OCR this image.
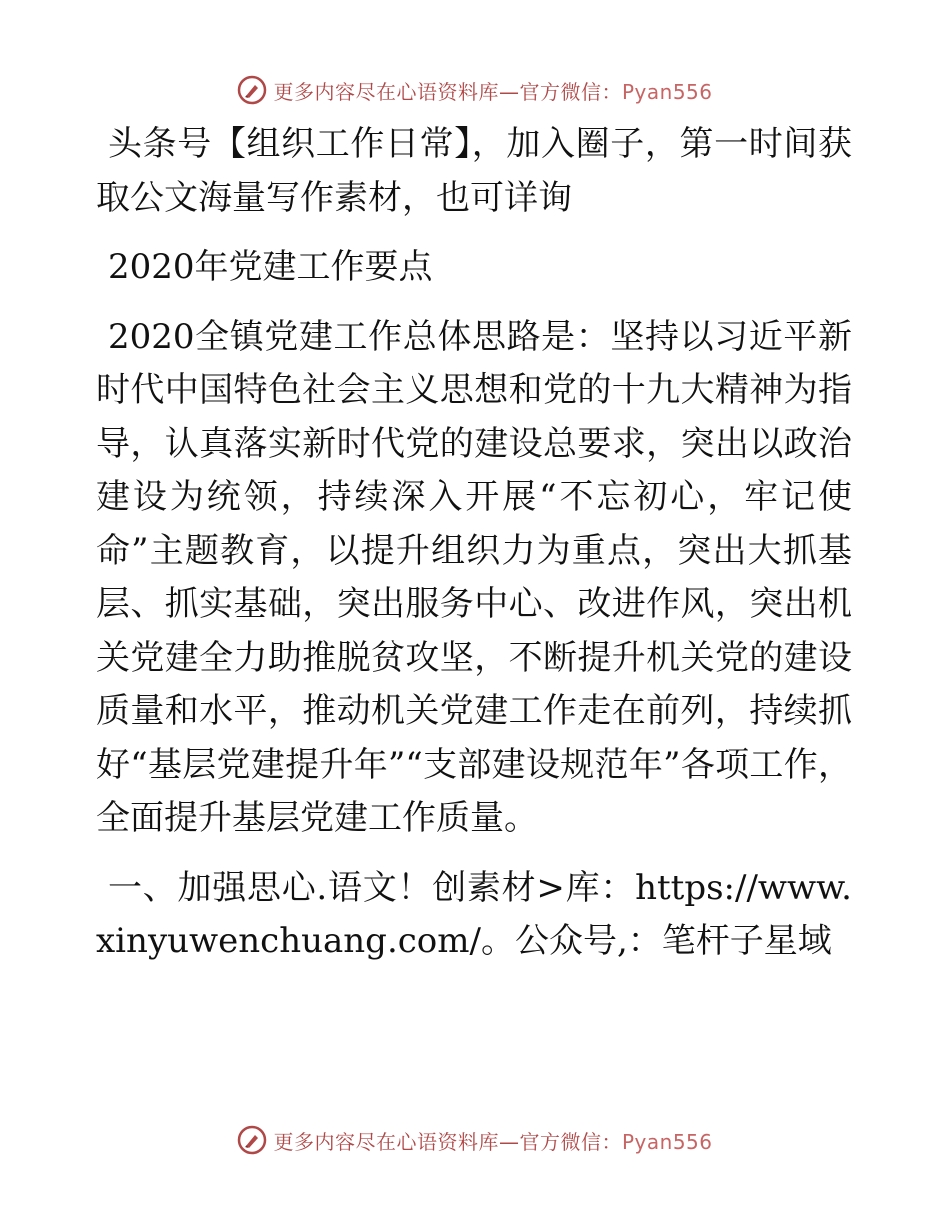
更多内容尽在心语资料库—官方微信：Pyan556

头条号【组织工作日常】，加入圈子，第一时间获取公文海量写作素材，也可详询

2020年党建工作要点

2020全镇党建工作总体思路是：坚持以习近平新时代中国特色社会主义思想和党的十九大精神为指导，认真落实新时代党的建设总要求，突出以政治建设为统领，持续深入开展“不忘初心，牢记使命”主题教育，以提升组织力为重点，突出大抓基层、抓实基础，突出服务中心、改进作风，突出机关党建全力助推脱贫攻坚，不断提升机关党的建设质量和水平，推动机关党建工作走在前列，持续抓好“基层党建提升年”“支部建设规范年”各项工作，全面提升基层党建工作质量。

一、加强思心.语文！创素材>库：https://www.xinyuwenchuang.com/。公众号,：笔杆子星域

更多内容尽在心语资料库—官方微信：Pyan556
